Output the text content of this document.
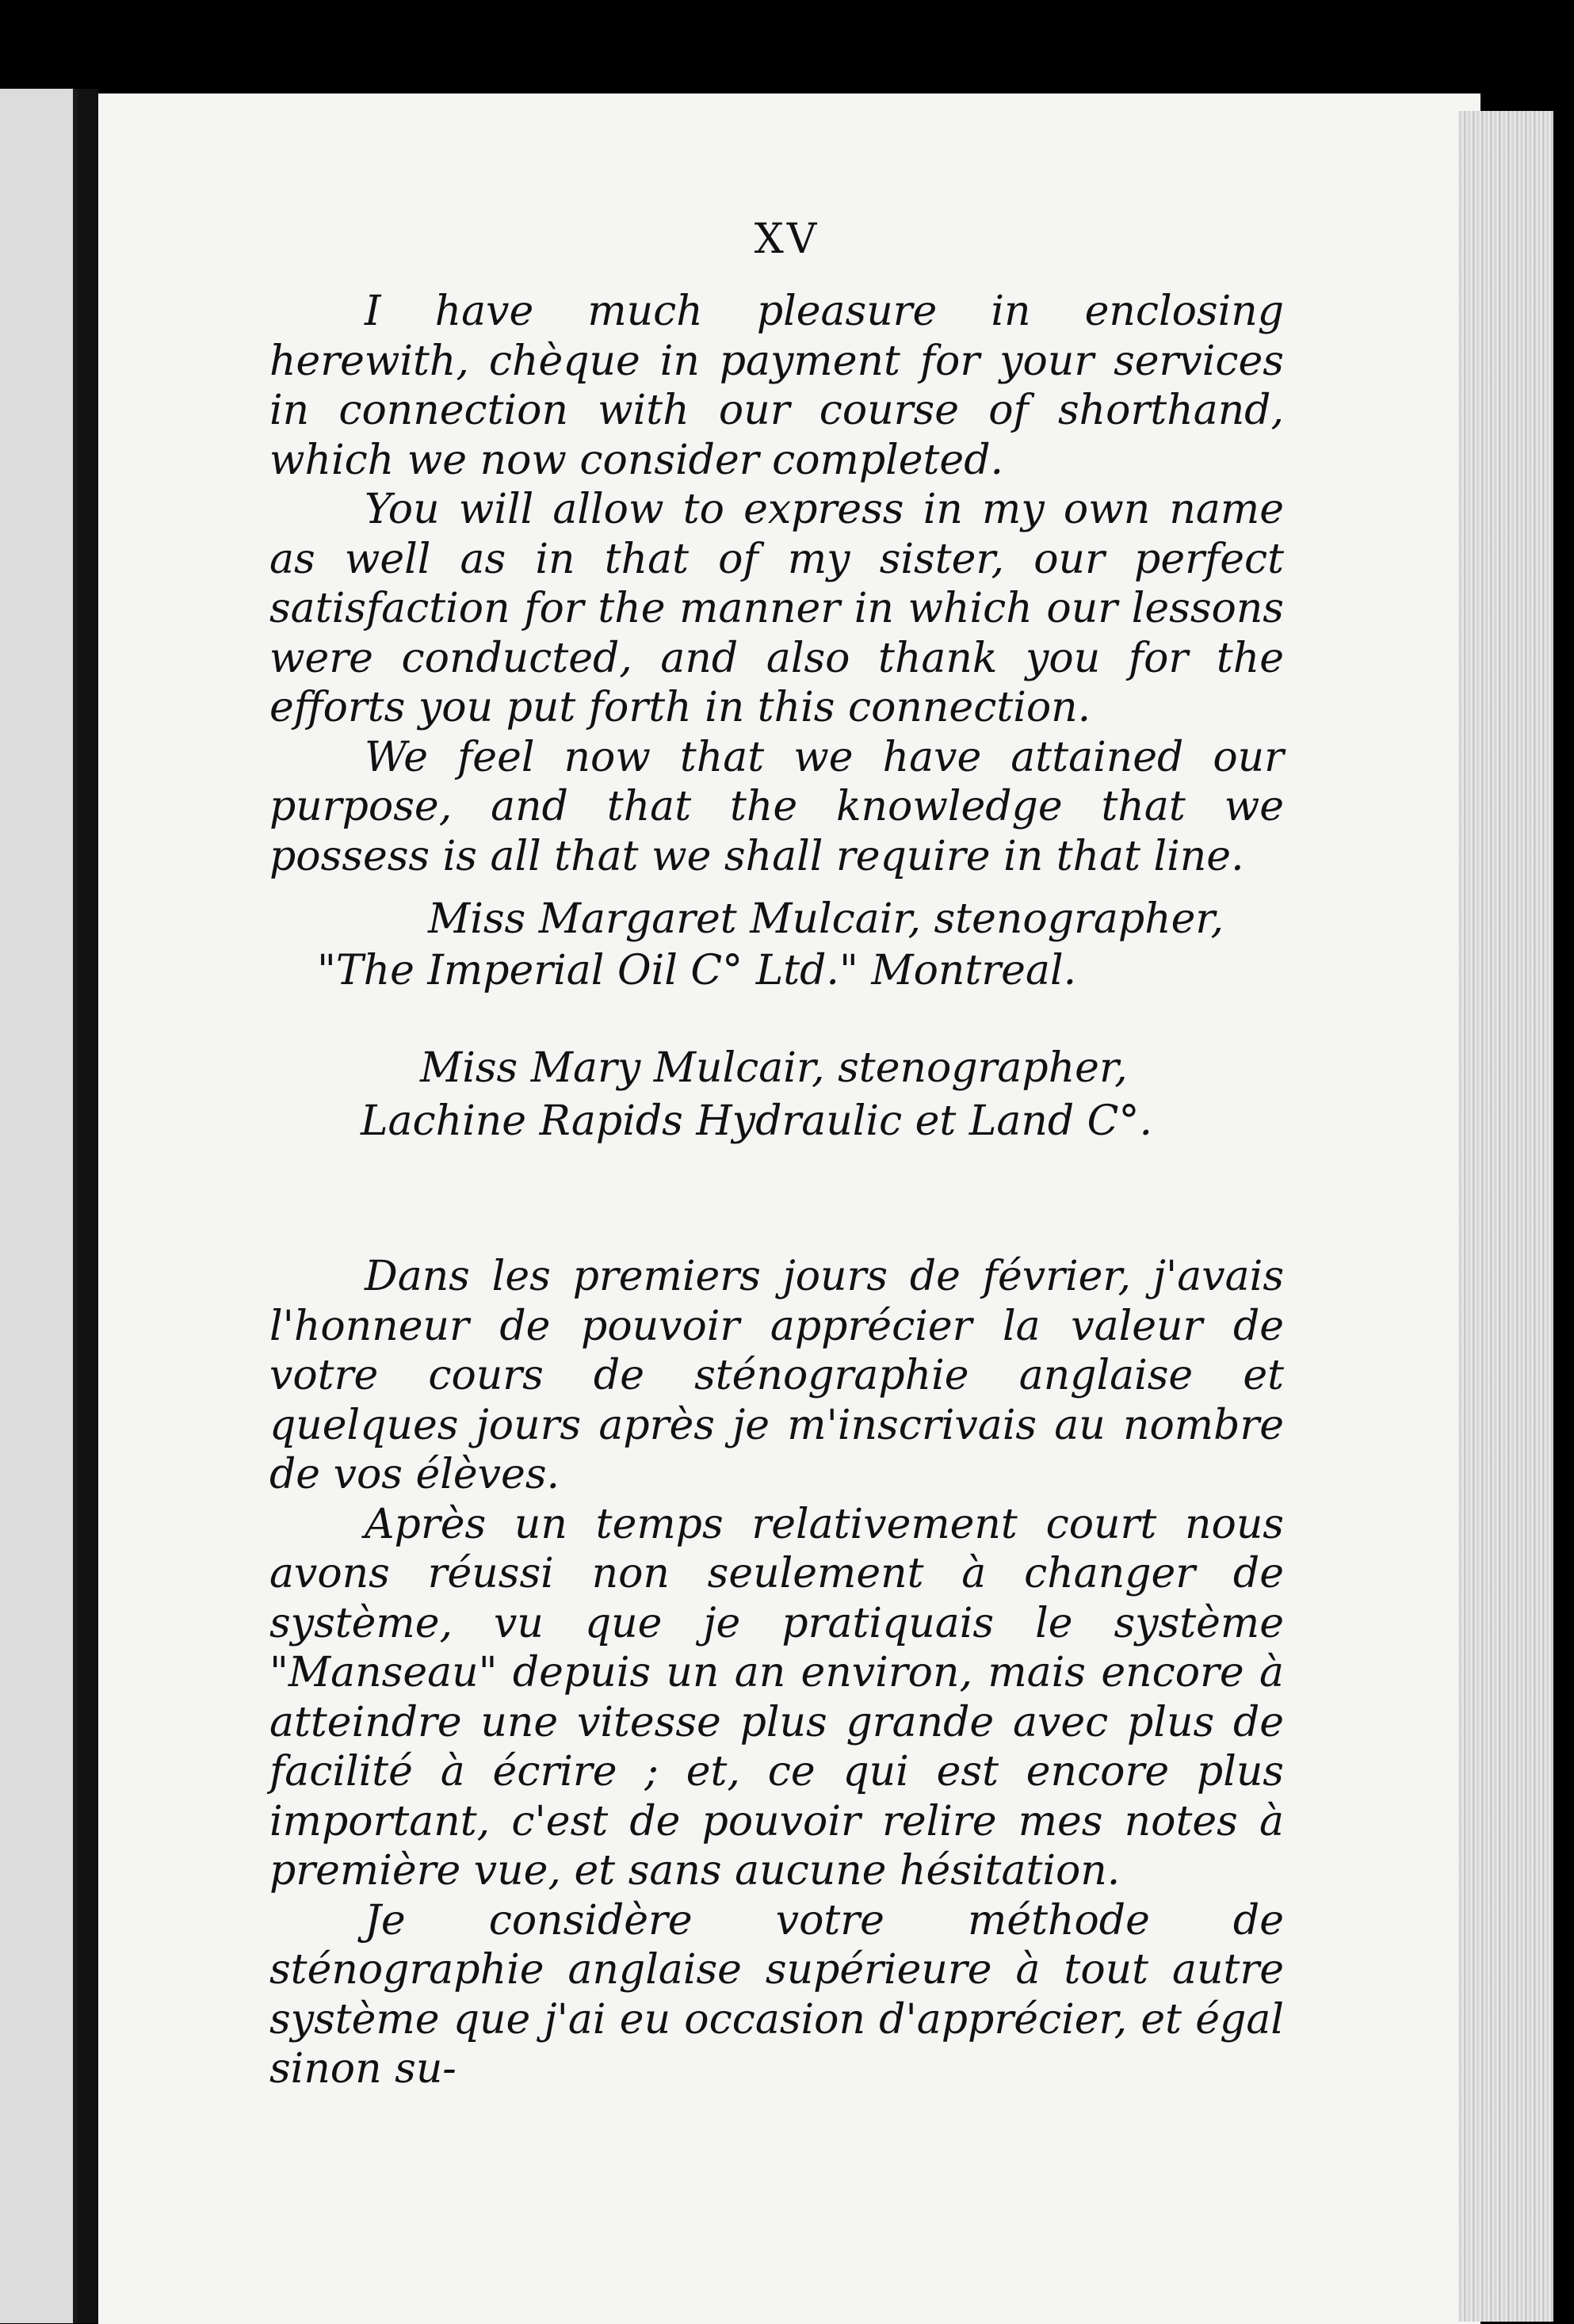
XV

I have much pleasure in enclosing herewith, chèque in payment for your services in connection with our course of shorthand, which we now consider completed.

You will allow to express in my own name as well as in that of my sister, our perfect satisfaction for the manner in which our lessons were conducted, and also thank you for the efforts you put forth in this connection.

We feel now that we have attained our purpose, and that the knowledge that we possess is all that we shall require in that line.

Miss Margaret Mulcair, stenographer,
"The Imperial Oil C° Ltd." Montreal.
Miss Mary Mulcair, stenographer,
Lachine Rapids Hydraulic et Land C°.

Dans les premiers jours de février, j'avais l'honneur de pouvoir apprécier la valeur de votre cours de sténographie anglaise et quelques jours après je m'inscrivais au nombre de vos élèves.

Après un temps relativement court nous avons réussi non seulement à changer de système, vu que je pratiquais le système "Manseau" depuis un an environ, mais encore à atteindre une vitesse plus grande avec plus de facilité à écrire ; et, ce qui est encore plus important, c'est de pouvoir relire mes notes à première vue, et sans aucune hésitation.

Je considère votre méthode de sténographie anglaise supérieure à tout autre système que j'ai eu occasion d'apprécier, et égal sinon su-
